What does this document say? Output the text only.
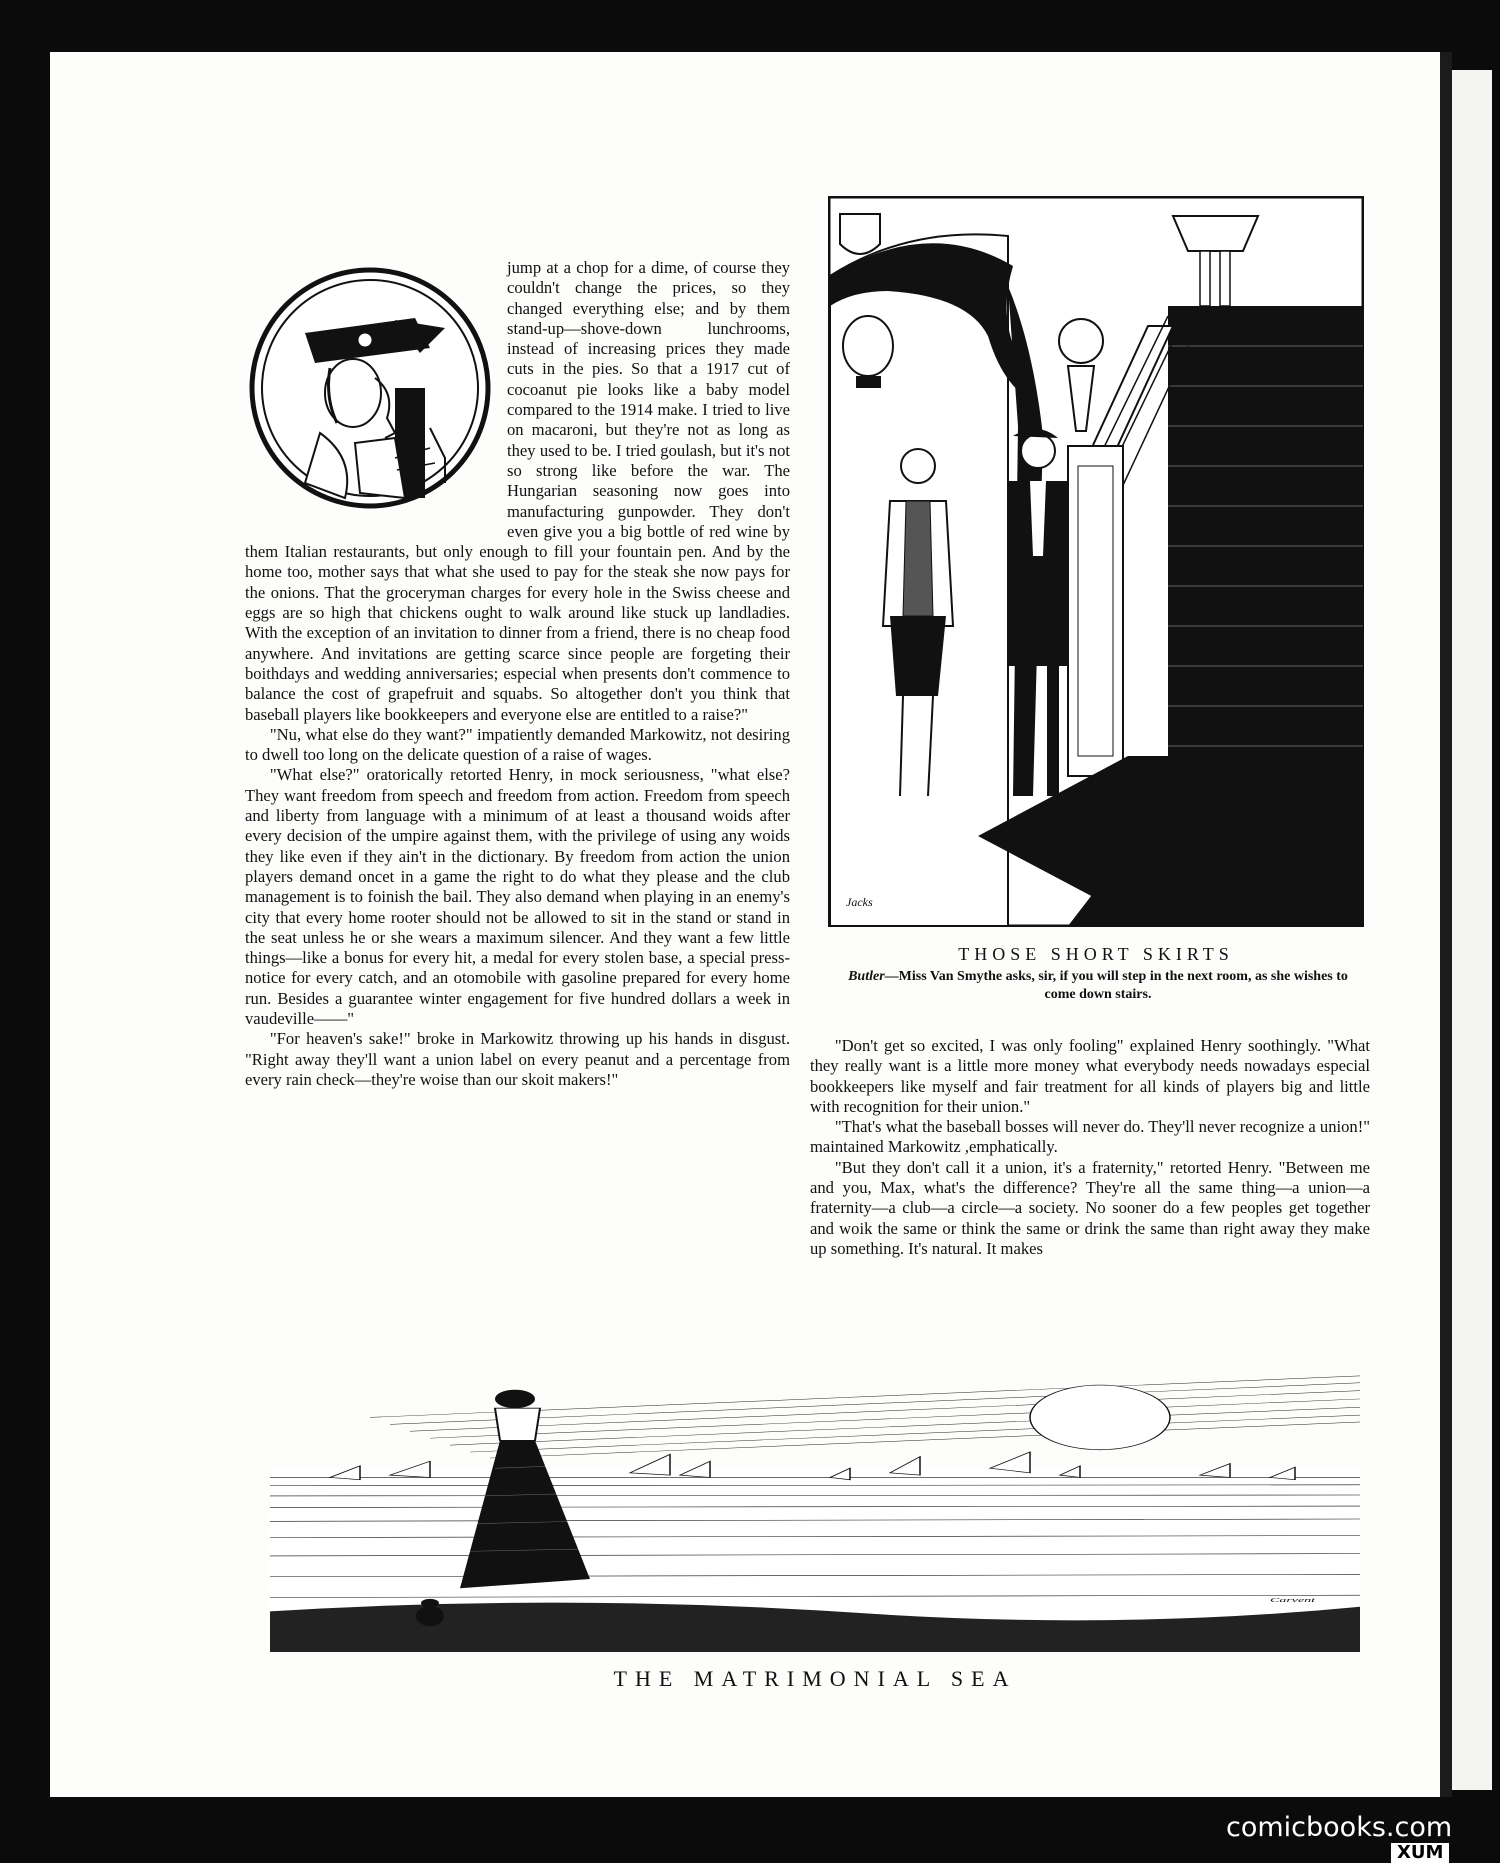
jump at a chop for a dime, of course they couldn't change the prices, so they changed everything else; and by them stand-up—shove-down lunchrooms, instead of increasing prices they made cuts in the pies. So that a 1917 cut of cocoanut pie looks like a baby model compared to the 1914 make. I tried to live on macaroni, but they're not as long as they used to be. I tried goulash, but it's not so strong like before the war. The Hungarian seasoning now goes into manufacturing gunpowder. They don't even give you a big bottle of red wine by them Italian restaurants, but only enough to fill your fountain pen. And by the home too, mother says that what she used to pay for the steak she now pays for the onions. That the groceryman charges for every hole in the Swiss cheese and eggs are so high that chickens ought to walk around like stuck up landladies. With the exception of an invitation to dinner from a friend, there is no cheap food anywhere. And invitations are getting scarce since people are forgeting their boithdays and wedding anniversaries; especial when presents don't commence to balance the cost of grapefruit and squabs. So altogether don't you think that baseball players like bookkeepers and everyone else are entitled to a raise?"

"Nu, what else do they want?" impatiently demanded Markowitz, not desiring to dwell too long on the delicate question of a raise of wages.

"What else?" oratorically retorted Henry, in mock seriousness, "what else? They want freedom from speech and freedom from action. Freedom from speech and liberty from language with a minimum of at least a thousand woids after every decision of the umpire against them, with the privilege of using any woids they like even if they ain't in the dictionary. By freedom from action the union players demand oncet in a game the right to do what they please and the club management is to foinish the bail. They also demand when playing in an enemy's city that every home rooter should not be allowed to sit in the stand or stand in the seat unless he or she wears a maximum silencer. And they want a few little things—like a bonus for every hit, a medal for every stolen base, a special press-notice for every catch, and an otomobile with gasoline prepared for every home run. Besides a guarantee winter engagement for five hundred dollars a week in vaudeville——"

"For heaven's sake!" broke in Markowitz throwing up his hands in disgust. "Right away they'll want a union label on every peanut and a percentage from every rain check—they're woise than our skoit makers!"

Jacks
THOSE SHORT SKIRTS
Butler—Miss Van Smythe asks, sir, if you will step in the next room, as she wishes to come down stairs.

"Don't get so excited, I was only fooling" explained Henry soothingly. "What they really want is a little more money what everybody needs nowadays especial bookkeepers like myself and fair treatment for all kinds of players big and little with recognition for their union."

"That's what the baseball bosses will never do. They'll never recognize a union!" maintained Markowitz ,emphatically.

"But they don't call it a union, it's a fraternity," retorted Henry. "Between me and you, Max, what's the difference? They're all the same thing—a union—a fraternity—a club—a circle—a society. No sooner do a few peoples get together and woik the same or think the same or drink the same than right away they make up something. It's natural. It makes

Carvent
THE MATRIMONIAL SEA
comicbooks.com
XUM
